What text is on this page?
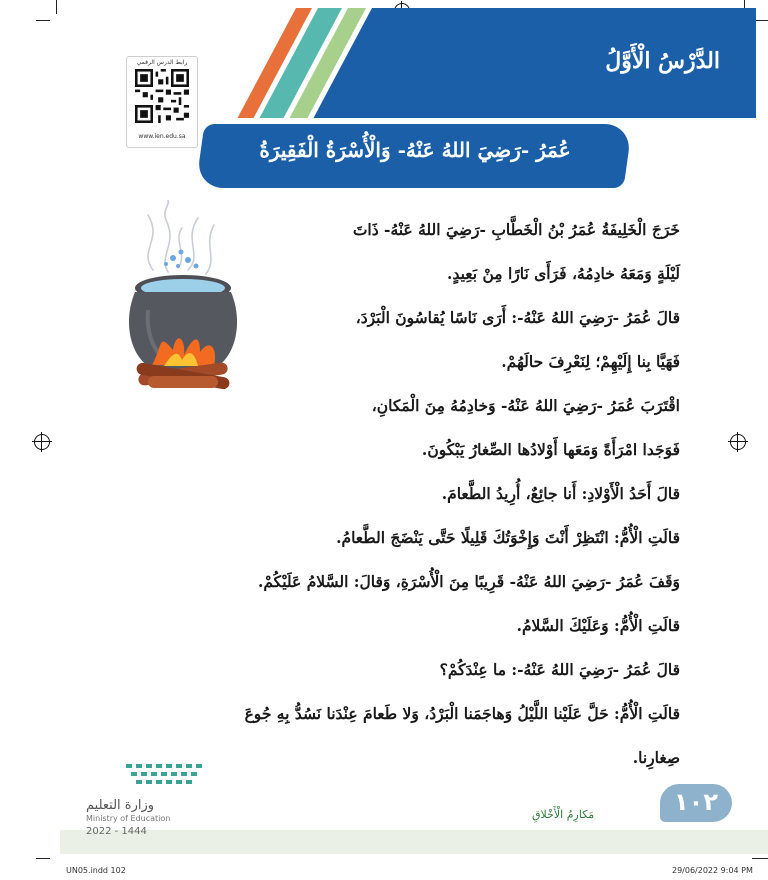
الدَّرْسُ الْأَوَّلُ
رابط الدرس الرقمي
www.ien.edu.sa
عُمَرُ -رَضِيَ اللهُ عَنْهُ- وَالْأُسْرَةُ الْفَقِيرَةُ
خَرَجَ الْخَلِيفَةُ عُمَرُ بْنُ الْخَطَّابِ -رَضِيَ اللهُ عَنْهُ- ذَاتَ
لَيْلَةٍ وَمَعَهُ خادِمُهُ، فَرَأَى نَارًا مِنْ بَعِيدٍ.
قالَ عُمَرُ -رَضِيَ اللهُ عَنْهُ-: أَرَى نَاسًا يُقاسُونَ الْبَرْدَ،
فَهَيَّا بِنا إِلَيْهِمْ؛ لِنَعْرِفَ حالَهُمْ.
اقْتَرَبَ عُمَرُ -رَضِيَ اللهُ عَنْهُ- وَخادِمُهُ مِنَ الْمَكانِ،
فَوَجَدا امْرَأَةً وَمَعَها أَوْلادُها الصِّغارُ يَبْكُونَ.
قالَ أَحَدُ الْأَوْلادِ: أَنا جائِعٌ، أُرِيدُ الطَّعامَ.
قالَتِ الْأُمُّ: انْتَظِرْ أَنْتَ وَإِخْوَتُكَ قَلِيلًا حَتَّى يَنْضَجَ الطَّعامُ.
وَقَفَ عُمَرُ -رَضِيَ اللهُ عَنْهُ- قَرِيبًا مِنَ الْأُسْرَةِ، وَقالَ: السَّلامُ عَلَيْكُمْ.
قالَتِ الْأُمُّ: وَعَلَيْكَ السَّلامُ.
قالَ عُمَرُ -رَضِيَ اللهُ عَنْهُ-: ما عِنْدَكُمْ؟
قالَتِ الْأُمُّ: حَلَّ عَلَيْنا اللَّيْلُ وَهاجَمَنا الْبَرْدُ، وَلا طَعامَ عِنْدَنا نَسُدُّ بِهِ جُوعَ
صِغارِنا.
وزارة التعليم
Ministry of Education
2022 - 1444
مَكارِمُ الْأَخْلاقِ	١٠٢
UN05.indd 102	29/06/2022 9:04 PM
